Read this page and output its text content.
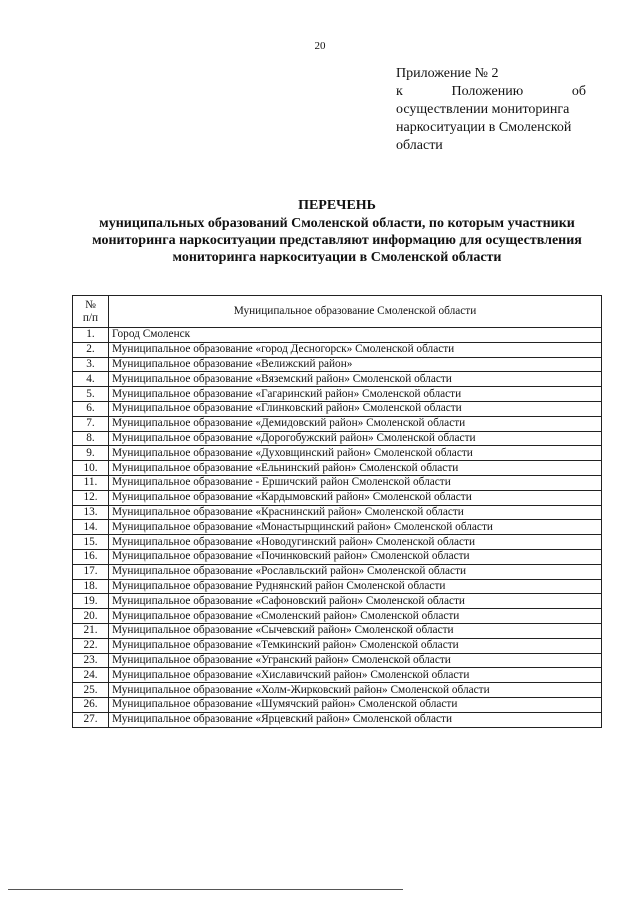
20
Приложение № 2
к Положению об
осуществлении мониторинга
наркоситуации в Смоленской
области
ПЕРЕЧЕНЬ
муниципальных образований Смоленской области, по которым участники
мониторинга наркоситуации представляют информацию для осуществления
мониторинга наркоситуации в Смоленской области
№
п/п	Муниципальное образование Смоленской области
1.	Город Смоленск
2.	Муниципальное образование «город Десногорск» Смоленской области
3.	Муниципальное образование «Велижский район»
4.	Муниципальное образование «Вяземский район» Смоленской области
5.	Муниципальное образование «Гагаринский район» Смоленской области
6.	Муниципальное образование «Глинковский район» Смоленской области
7.	Муниципальное образование «Демидовский район» Смоленской области
8.	Муниципальное образование «Дорогобужский район» Смоленской области
9.	Муниципальное образование «Духовщинский район» Смоленской области
10.	Муниципальное образование «Ельнинский район» Смоленской области
11.	Муниципальное образование - Ершичский район Смоленской области
12.	Муниципальное образование «Кардымовский район» Смоленской области
13.	Муниципальное образование «Краснинский район» Смоленской области
14.	Муниципальное образование «Монастырщинский район» Смоленской области
15.	Муниципальное образование «Новодугинский район» Смоленской области
16.	Муниципальное образование «Починковский район» Смоленской области
17.	Муниципальное образование «Рославльский район» Смоленской области
18.	Муниципальное образование Руднянский район Смоленской области
19.	Муниципальное образование «Сафоновский район» Смоленской области
20.	Муниципальное образование «Смоленский район» Смоленской области
21.	Муниципальное образование «Сычевский район» Смоленской области
22.	Муниципальное образование «Темкинский район» Смоленской области
23.	Муниципальное образование «Угранский район» Смоленской области
24.	Муниципальное образование «Хиславичский район» Смоленской области
25.	Муниципальное образование «Холм-Жирковский район» Смоленской области
26.	Муниципальное образование «Шумячский район» Смоленской области
27.	Муниципальное образование «Ярцевский район» Смоленской области
